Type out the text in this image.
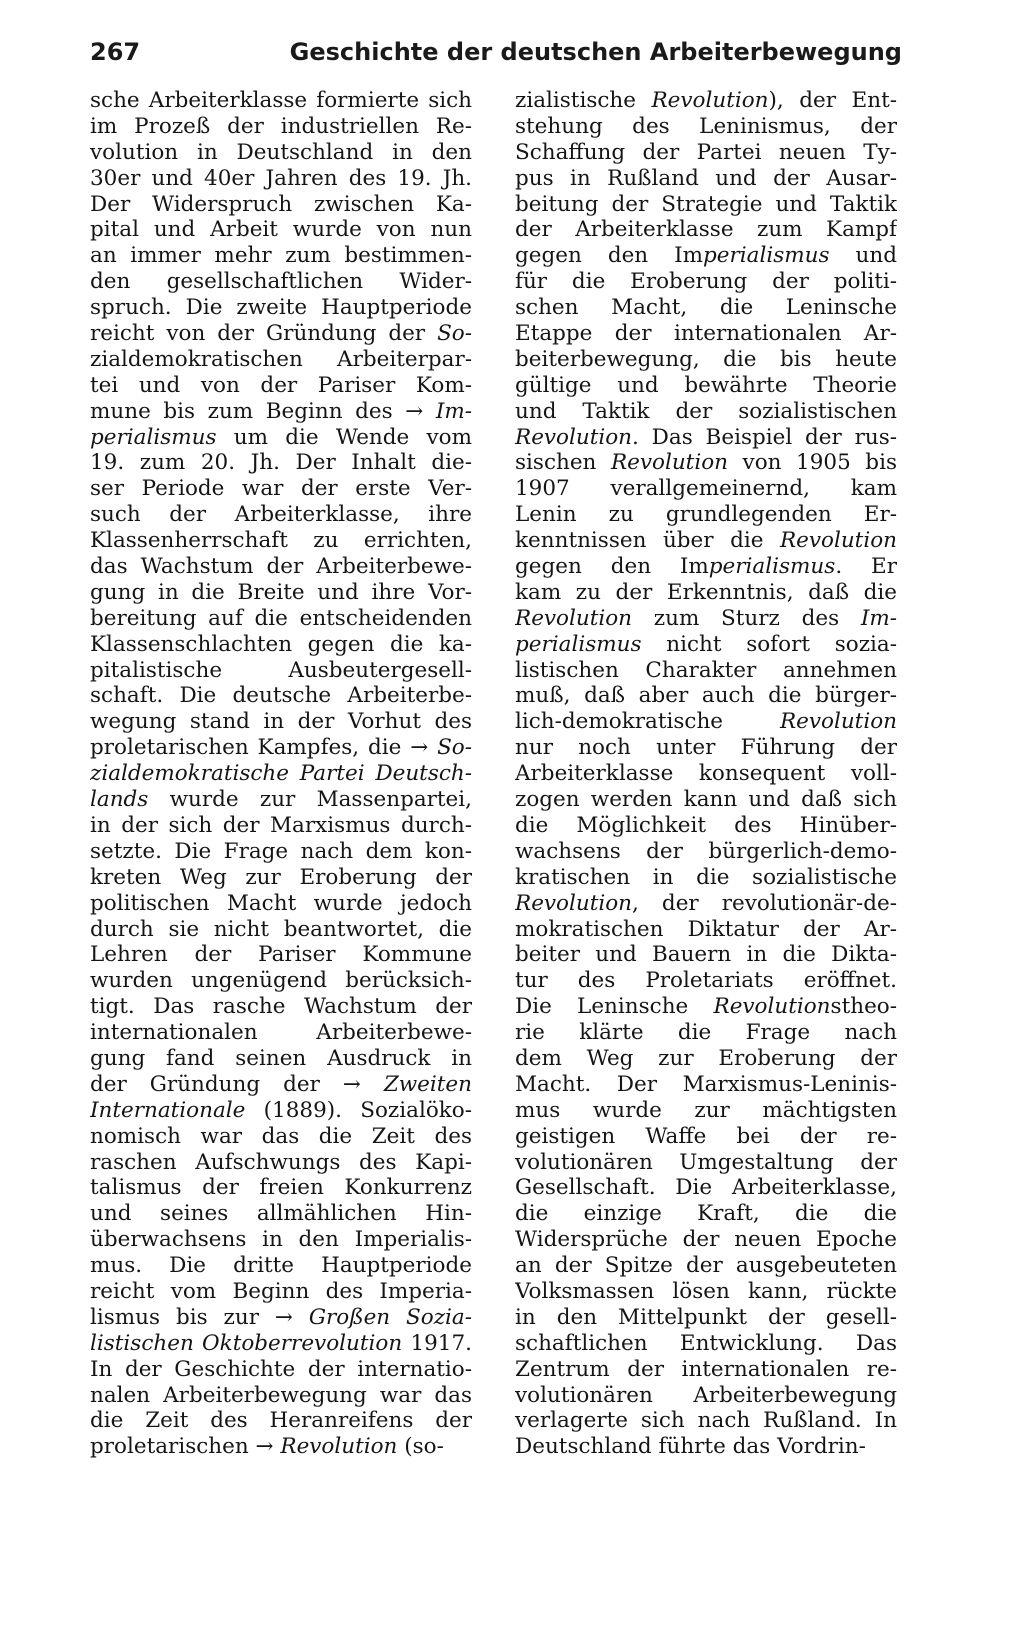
267	Geschichte der deutschen Arbeiterbewegung
sche Arbeiterklasse formierte sich
im Prozeß der industriellen Re-
volution in Deutschland in den
30er und 40er Jahren des 19. Jh.
Der Widerspruch zwischen Ka-
pital und Arbeit wurde von nun
an immer mehr zum bestimmen-
den gesellschaftlichen Wider-
spruch. Die zweite Hauptperiode
reicht von der Gründung der So-
zialdemokratischen Arbeiterpar-
tei und von der Pariser Kom-
mune bis zum Beginn des → Im-
perialismus um die Wende vom
19. zum 20. Jh. Der Inhalt die-
ser Periode war der erste Ver-
such der Arbeiterklasse, ihre
Klassenherrschaft zu errichten,
das Wachstum der Arbeiterbewe-
gung in die Breite und ihre Vor-
bereitung auf die entscheidenden
Klassenschlachten gegen die ka-
pitalistische Ausbeutergesell-
schaft. Die deutsche Arbeiterbe-
wegung stand in der Vorhut des
proletarischen Kampfes, die → So-
zialdemokratische Partei Deutsch-
lands wurde zur Massenpartei,
in der sich der Marxismus durch-
setzte. Die Frage nach dem kon-
kreten Weg zur Eroberung der
politischen Macht wurde jedoch
durch sie nicht beantwortet, die
Lehren der Pariser Kommune
wurden ungenügend berücksich-
tigt. Das rasche Wachstum der
internationalen Arbeiterbewe-
gung fand seinen Ausdruck in
der Gründung der → Zweiten
Internationale (1889). Sozialöko-
nomisch war das die Zeit des
raschen Aufschwungs des Kapi-
talismus der freien Konkurrenz
und seines allmählichen Hin-
überwachsens in den Imperialis-
mus. Die dritte Hauptperiode
reicht vom Beginn des Imperia-
lismus bis zur → Großen Sozia-
listischen Oktoberrevolution 1917.
In der Geschichte der internatio-
nalen Arbeiterbewegung war das
die Zeit des Heranreifens der
proletarischen → Revolution (so-
zialistische Revolution), der Ent-
stehung des Leninismus, der
Schaffung der Partei neuen Ty-
pus in Rußland und der Ausar-
beitung der Strategie und Taktik
der Arbeiterklasse zum Kampf
gegen den Imperialismus und
für die Eroberung der politi-
schen Macht, die Leninsche
Etappe der internationalen Ar-
beiterbewegung, die bis heute
gültige und bewährte Theorie
und Taktik der sozialistischen
Revolution. Das Beispiel der rus-
sischen Revolution von 1905 bis
1907 verallgemeinernd, kam
Lenin zu grundlegenden Er-
kenntnissen über die Revolution
gegen den Imperialismus. Er
kam zu der Erkenntnis, daß die
Revolution zum Sturz des Im-
perialismus nicht sofort sozia-
listischen Charakter annehmen
muß, daß aber auch die bürger-
lich-demokratische Revolution
nur noch unter Führung der
Arbeiterklasse konsequent voll-
zogen werden kann und daß sich
die Möglichkeit des Hinüber-
wachsens der bürgerlich-demo-
kratischen in die sozialistische
Revolution, der revolutionär-de-
mokratischen Diktatur der Ar-
beiter und Bauern in die Dikta-
tur des Proletariats eröffnet.
Die Leninsche Revolutionstheo-
rie klärte die Frage nach
dem Weg zur Eroberung der
Macht. Der Marxismus-Leninis-
mus wurde zur mächtigsten
geistigen Waffe bei der re-
volutionären Umgestaltung der
Gesellschaft. Die Arbeiterklasse,
die einzige Kraft, die die
Widersprüche der neuen Epoche
an der Spitze der ausgebeuteten
Volksmassen lösen kann, rückte
in den Mittelpunkt der gesell-
schaftlichen Entwicklung. Das
Zentrum der internationalen re-
volutionären Arbeiterbewegung
verlagerte sich nach Rußland. In
Deutschland führte das Vordrin-
